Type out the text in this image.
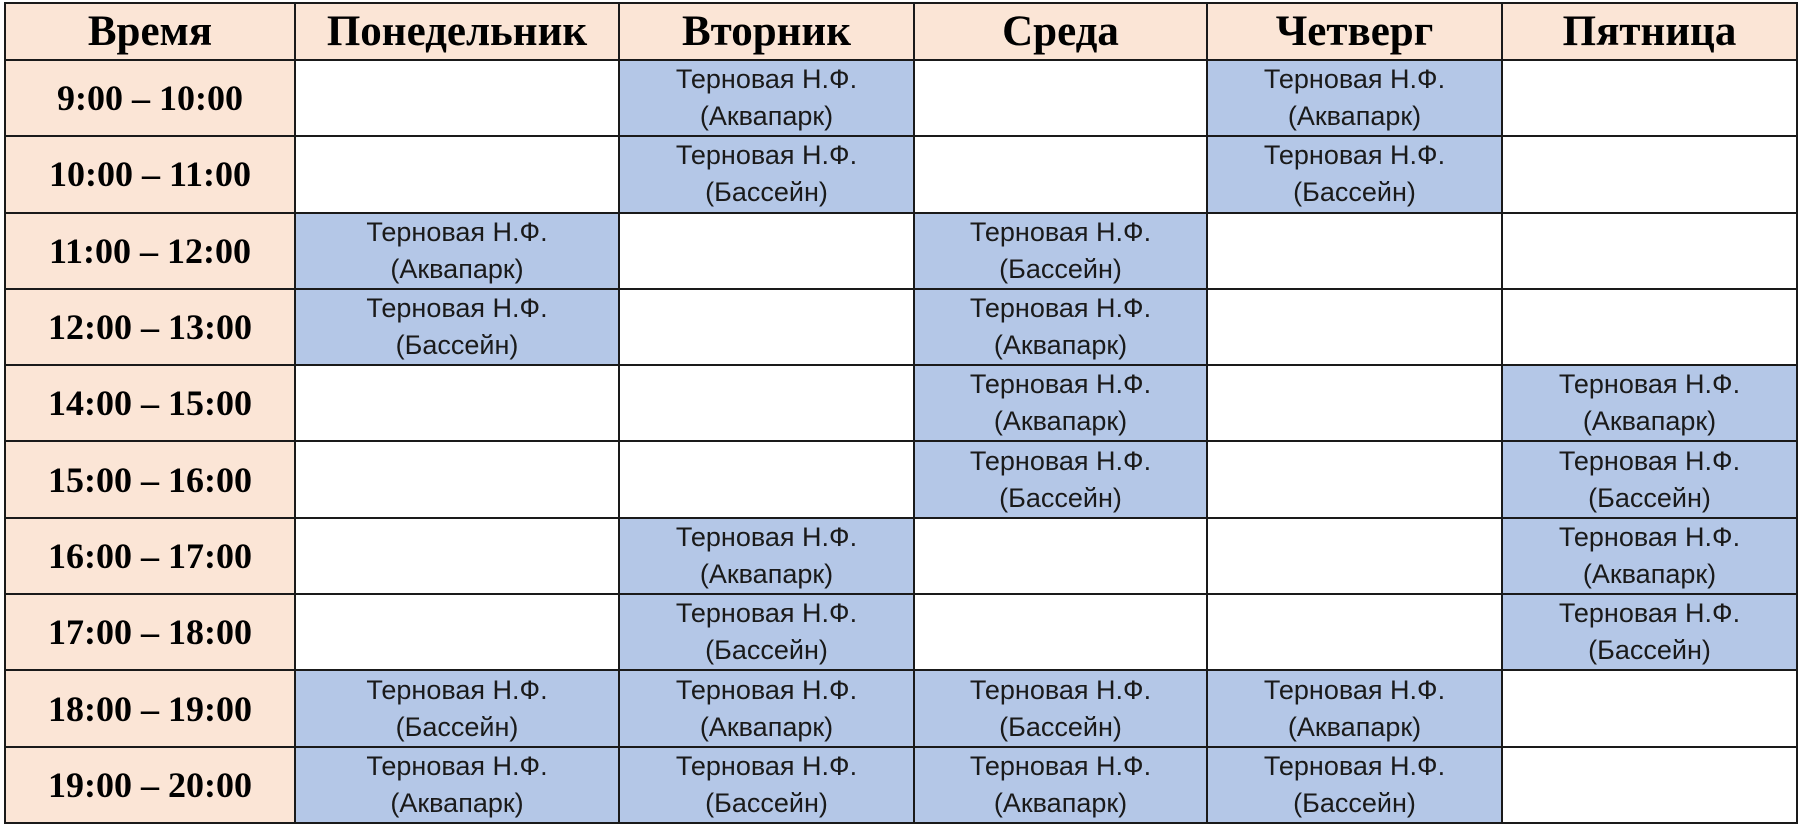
Время	Понедельник	Вторник	Среда	Четверг	Пятница
9:00 – 10:00		Терновая Н.Ф.
(Аквапарк)		Терновая Н.Ф.
(Аквапарк)	

10:00 – 11:00		Терновая Н.Ф.
(Бассейн)		Терновая Н.Ф.
(Бассейн)	

11:00 – 12:00	Терновая Н.Ф.
(Аквапарк)		Терновая Н.Ф.
(Бассейн)		

12:00 – 13:00	Терновая Н.Ф.
(Бассейн)		Терновая Н.Ф.
(Аквапарк)		

14:00 – 15:00			Терновая Н.Ф.
(Аквапарк)		Терновая Н.Ф.
(Аквапарк)

15:00 – 16:00			Терновая Н.Ф.
(Бассейн)		Терновая Н.Ф.
(Бассейн)

16:00 – 17:00		Терновая Н.Ф.
(Аквапарк)			Терновая Н.Ф.
(Аквапарк)

17:00 – 18:00		Терновая Н.Ф.
(Бассейн)			Терновая Н.Ф.
(Бассейн)

18:00 – 19:00	Терновая Н.Ф.
(Бассейн)	Терновая Н.Ф.
(Аквапарк)	Терновая Н.Ф.
(Бассейн)	Терновая Н.Ф.
(Аквапарк)	

19:00 – 20:00	Терновая Н.Ф.
(Аквапарк)	Терновая Н.Ф.
(Бассейн)	Терновая Н.Ф.
(Аквапарк)	Терновая Н.Ф.
(Бассейн)	
